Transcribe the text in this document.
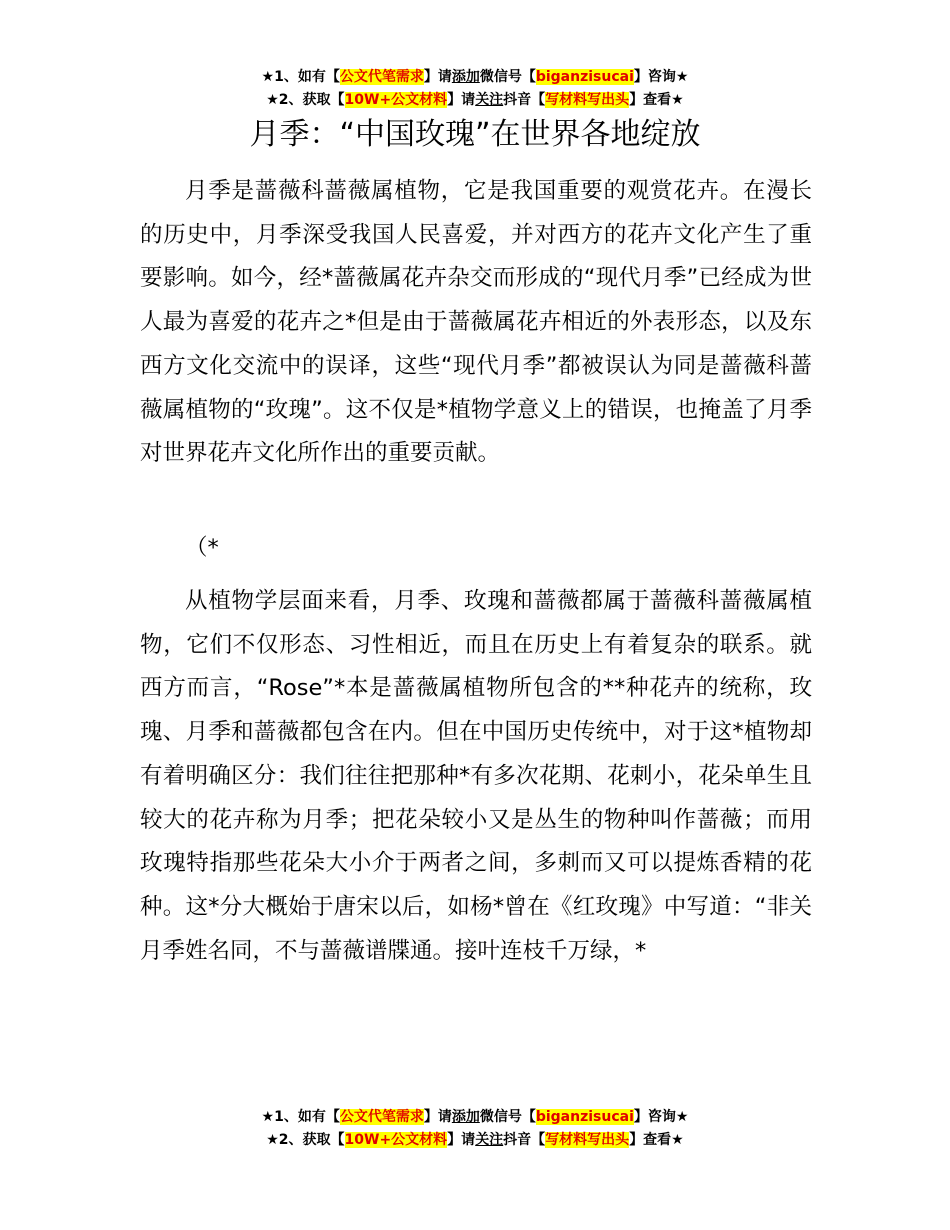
★1、如有【公文代笔需求】请添加微信号【biganzisucai】咨询★
★2、获取【10W+公文材料】请关注抖音【写材料写出头】查看★
月季：“中国玫瑰”在世界各地绽放

月季是蔷薇科蔷薇属植物，它是我国重要的观赏花卉。在漫长的历史中，月季深受我国人民喜爱，并对西方的花卉文化产生了重要影响。如今，经*蔷薇属花卉杂交而形成的“现代月季”已经成为世人最为喜爱的花卉之*但是由于蔷薇属花卉相近的外表形态，以及东西方文化交流中的误译，这些“现代月季”都被误认为同是蔷薇科蔷薇属植物的“玫瑰”。这不仅是*植物学意义上的错误，也掩盖了月季对世界花卉文化所作出的重要贡献。

（*

从植物学层面来看，月季、玫瑰和蔷薇都属于蔷薇科蔷薇属植物，它们不仅形态、习性相近，而且在历史上有着复杂的联系。就西方而言，“Rose”*本是蔷薇属植物所包含的**种花卉的统称，玫瑰、月季和蔷薇都包含在内。但在中国历史传统中，对于这*植物却有着明确区分：我们往往把那种*有多次花期、花刺小，花朵单生且较大的花卉称为月季；把花朵较小又是丛生的物种叫作蔷薇；而用玫瑰特指那些花朵大小介于两者之间，多刺而又可以提炼香精的花种。这*分大概始于唐宋以后，如杨*曾在《红玫瑰》中写道：“非关月季姓名同，不与蔷薇谱牒通。接叶连枝千万绿，*

★1、如有【公文代笔需求】请添加微信号【biganzisucai】咨询★
★2、获取【10W+公文材料】请关注抖音【写材料写出头】查看★
